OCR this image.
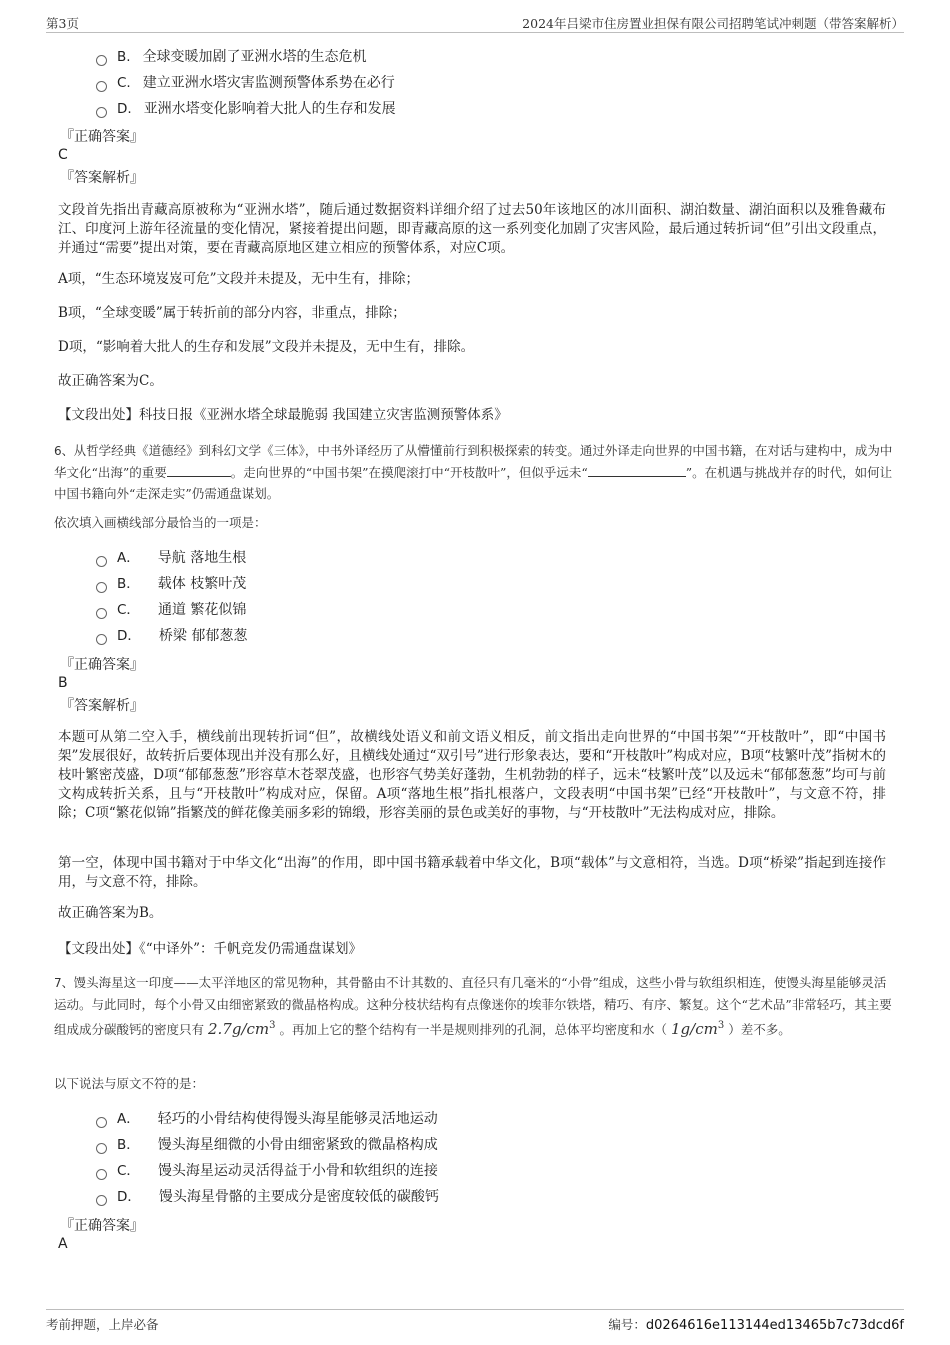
第3页	2024年吕梁市住房置业担保有限公司招聘笔试冲刺题（带答案解析）
B. 全球变暖加剧了亚洲水塔的生态危机
C. 建立亚洲水塔灾害监测预警体系势在必行
D. 亚洲水塔变化影响着大批人的生存和发展
『正确答案』
C
『答案解析』

文段首先指出青藏高原被称为“亚洲水塔”，随后通过数据资料详细介绍了过去50年该地区的冰川面积、湖泊数量、湖泊面积以及雅鲁藏布江、印度河上游年径流量的变化情况，紧接着提出问题，即青藏高原的这一系列变化加剧了灾害风险，最后通过转折词“但”引出文段重点，并通过“需要”提出对策，要在青藏高原地区建立相应的预警体系，对应C项。

A项，“生态环境岌岌可危”文段并未提及，无中生有，排除；

B项，“全球变暖”属于转折前的部分内容，非重点，排除；

D项，“影响着大批人的生存和发展”文段并未提及，无中生有，排除。

故正确答案为C。

【文段出处】科技日报《亚洲水塔全球最脆弱 我国建立灾害监测预警体系》

6、从哲学经典《道德经》到科幻文学《三体》，中书外译经历了从懵懂前行到积极探索的转变。通过外译走向世界的中国书籍，在对话与建构中，成为中华文化“出海”的重要	。走向世界的“中国书架”在摸爬滚打中“开枝散叶”，但似乎远未“	”。在机遇与挑战并存的时代，如何让中国书籍向外“走深走实”仍需通盘谋划。

依次填入画横线部分最恰当的一项是：
A． 导航 落地生根
B． 载体 枝繁叶茂
C． 通道 繁花似锦
D． 桥梁 郁郁葱葱
『正确答案』
B
『答案解析』

本题可从第二空入手，横线前出现转折词“但”，故横线处语义和前文语义相反，前文指出走向世界的“中国书架”“开枝散叶”，即“中国书架”发展很好，故转折后要体现出并没有那么好，且横线处通过“双引号”进行形象表达，要和“开枝散叶”构成对应，B项“枝繁叶茂”指树木的枝叶繁密茂盛，D项“郁郁葱葱”形容草木苍翠茂盛，也形容气势美好蓬勃，生机勃勃的样子，远未“枝繁叶茂”以及远未“郁郁葱葱”均可与前文构成转折关系，且与“开枝散叶”构成对应，保留。A项“落地生根”指扎根落户，文段表明“中国书架”已经“开枝散叶”，与文意不符，排除；C项“繁花似锦”指繁茂的鲜花像美丽多彩的锦缎，形容美丽的景色或美好的事物，与“开枝散叶”无法构成对应，排除。

第一空，体现中国书籍对于中华文化“出海”的作用，即中国书籍承载着中华文化，B项“载体”与文意相符，当选。D项“桥梁”指起到连接作用，与文意不符，排除。

故正确答案为B。

【文段出处】《“中译外”：千帆竞发仍需通盘谋划》

7、馒头海星这一印度——太平洋地区的常见物种，其骨骼由不计其数的、直径只有几毫米的“小骨”组成，这些小骨与软组织相连，使馒头海星能够灵活运动。与此同时，每个小骨又由细密紧致的微晶格构成。这种分枝状结构有点像迷你的埃菲尔铁塔，精巧、有序、繁复。这个“艺术品”非常轻巧，其主要组成成分碳酸钙的密度只有 $2.7g/cm^3$ 。再加上它的整个结构有一半是规则排列的孔洞，总体平均密度和水（ $1g/cm^3$ ）差不多。

以下说法与原文不符的是：
A． 轻巧的小骨结构使得馒头海星能够灵活地运动
B． 馒头海星细微的小骨由细密紧致的微晶格构成
C． 馒头海星运动灵活得益于小骨和软组织的连接
D． 馒头海星骨骼的主要成分是密度较低的碳酸钙
『正确答案』
A
考前押题，上岸必备	编号：d0264616e113144ed13465b7c73dcd6f
